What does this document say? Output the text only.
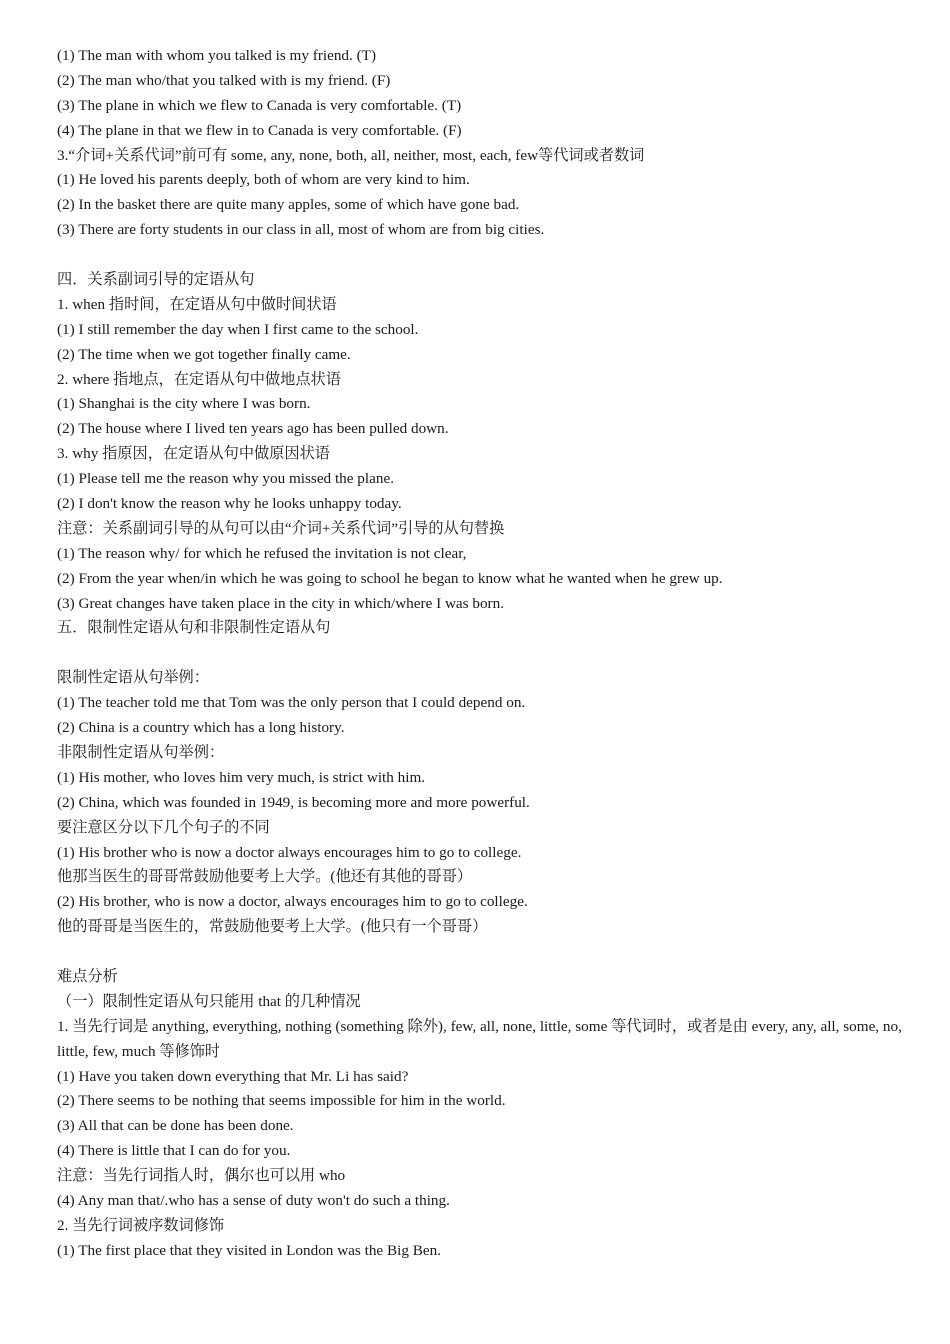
(1) The man with whom you talked is my friend. (T)
(2) The man who/that you talked with is my friend. (F)
(3) The plane in which we flew to Canada is very comfortable. (T)
(4) The plane in that we flew in to Canada is very comfortable. (F)
3.“介词+关系代词”前可有 some, any, none, both, all, neither, most, each, few等代词或者数词
(1) He loved his parents deeply, both of whom are very kind to him.
(2) In the basket there are quite many apples, some of which have gone bad.
(3) There are forty students in our class in all, most of whom are from big cities.
四．关系副词引导的定语从句
1. when 指时间，在定语从句中做时间状语
(1) I still remember the day when I first came to the school.
(2) The time when we got together finally came.
2. where 指地点，在定语从句中做地点状语
(1) Shanghai is the city where I was born.
(2) The house where I lived ten years ago has been pulled down.
3. why 指原因，在定语从句中做原因状语
(1) Please tell me the reason why you missed the plane.
(2) I don't know the reason why he looks unhappy today.
注意：关系副词引导的从句可以由“介词+关系代词”引导的从句替换
(1) The reason why/ for which he refused the invitation is not clear,
(2) From the year when/in which he was going to school he began to know what he wanted when he grew up.
(3) Great changes have taken place in the city in which/where I was born.
五．限制性定语从句和非限制性定语从句
限制性定语从句举例：
(1) The teacher told me that Tom was the only person that I could depend on.
(2) China is a country which has a long history.
非限制性定语从句举例：
(1) His mother, who loves him very much, is strict with him.
(2) China, which was founded in 1949, is becoming more and more powerful.
要注意区分以下几个句子的不同
(1) His brother who is now a doctor always encourages him to go to college.
他那当医生的哥哥常鼓励他要考上大学。(他还有其他的哥哥）
(2) His brother, who is now a doctor, always encourages him to go to college.
他的哥哥是当医生的，常鼓励他要考上大学。(他只有一个哥哥）
难点分析
（一）限制性定语从句只能用 that 的几种情况
1. 当先行词是 anything, everything, nothing (something 除外), few, all, none, little, some 等代词时，或者是由 every, any, all, some, no, little, few, much 等修饰时
(1) Have you taken down everything that Mr. Li has said?
(2) There seems to be nothing that seems impossible for him in the world.
(3) All that can be done has been done.
(4) There is little that I can do for you.
注意：当先行词指人时，偶尔也可以用 who
(4) Any man that/.who has a sense of duty won't do such a thing.
2. 当先行词被序数词修饰
(1) The first place that they visited in London was the Big Ben.
